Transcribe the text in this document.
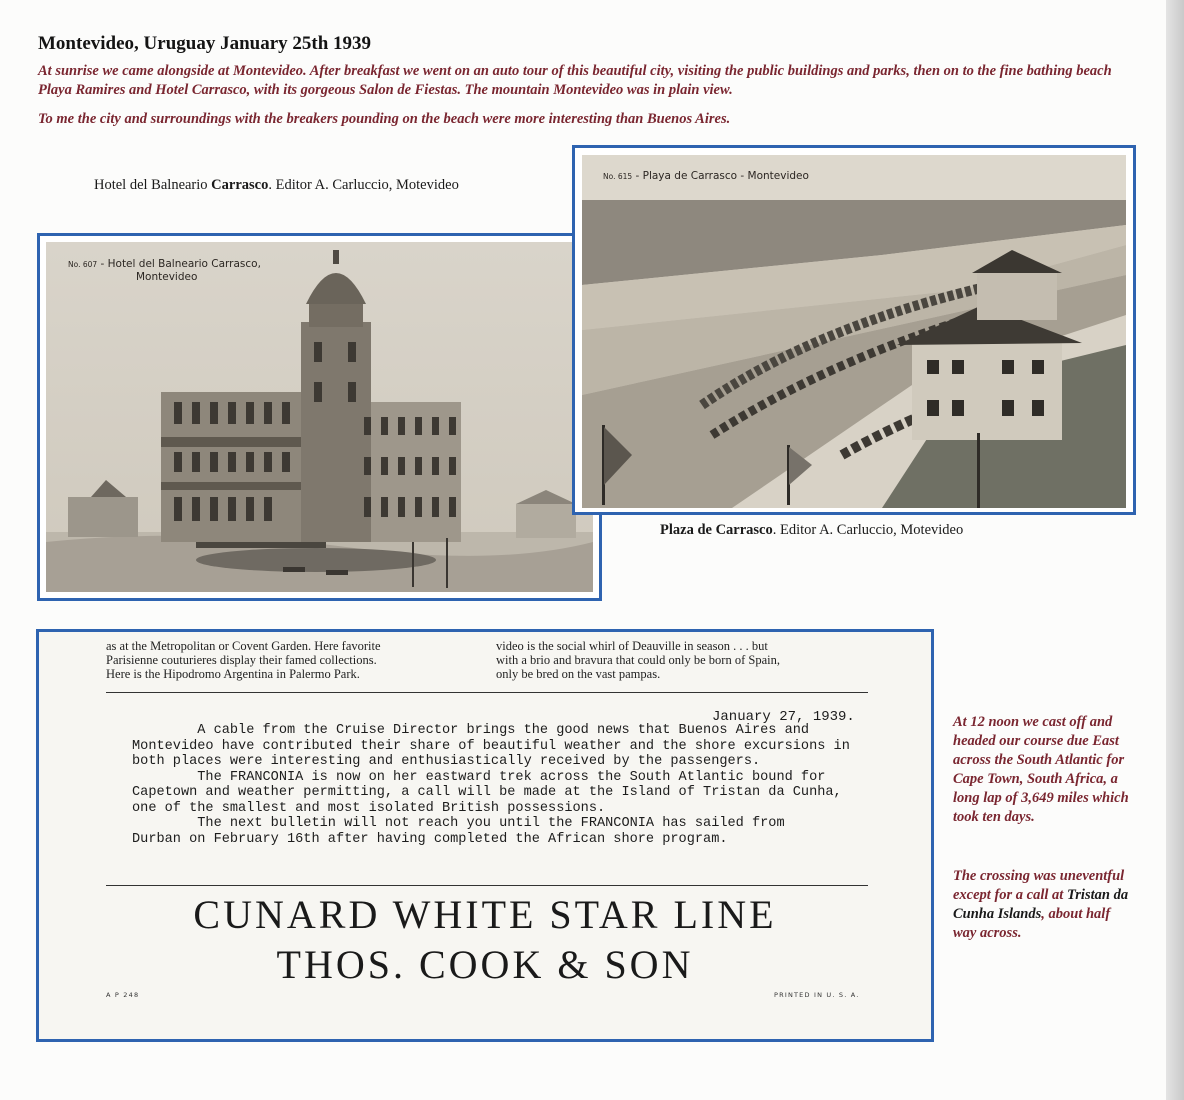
Montevideo, Uruguay January 25th 1939

At sunrise we came alongside at Montevideo. After breakfast we went on an auto tour of this beautiful city, visiting the public buildings and parks, then on to the fine bathing beach Playa Ramires and Hotel Carrasco, with its gorgeous Salon de Fiestas. The mountain Montevideo was in plain view.

To me the city and surroundings with the breakers pounding on the beach were more interesting than Buenos Aires.

Hotel del Balneario Carrasco. Editor A. Carluccio, Motevideo
No. 607 - Hotel del Balneario Carrasco,
Montevideo
No. 615 - Playa de Carrasco - Montevideo
Plaza de Carrasco. Editor A. Carluccio, Motevideo
as at the Metropolitan or Covent Garden. Here favorite
Parisienne couturieres display their famed collections.
Here is the Hipodromo Argentina in Palermo Park.
video is the social whirl of Deauville in season . . . but
with a brio and bravura that could only be born of Spain,
only be bred on the vast pampas.
January 27, 1939.

A cable from the Cruise Director brings the good news that Buenos Aires and

Montevideo have contributed their share of beautiful weather and the shore excursions in

both places were interesting and enthusiastically received by the passengers.

The FRANCONIA is now on her eastward trek across the South Atlantic bound for

Capetown and weather permitting, a call will be made at the Island of Tristan da Cunha,

one of the smallest and most isolated British possessions.

The next bulletin will not reach you until the FRANCONIA has sailed from

Durban on February 16th after having completed the African shore program.

CUNARD WHITE STAR LINE
THOS. COOK & SON
A P 248	PRINTED IN U. S. A.
At 12 noon we cast off and headed our course due East across the South Atlantic for Cape Town, South Africa, a long lap of 3,649 miles which took ten days.
The crossing was uneventful except for a call at Tristan da Cunha Islands, about half way across.
